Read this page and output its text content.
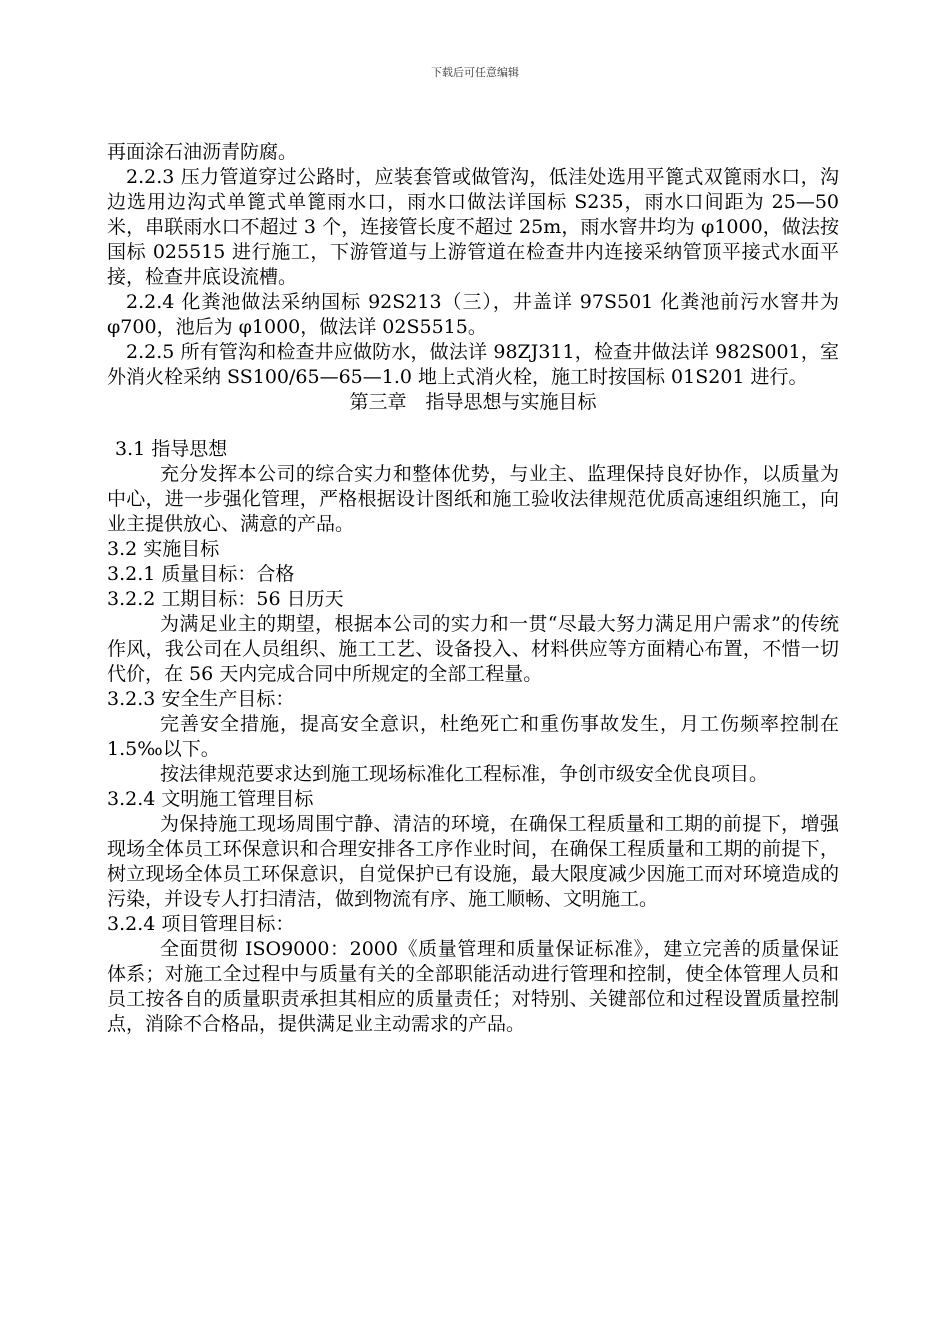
下载后可任意编辑

再面涂石油沥青防腐。

2.2.3 压力管道穿过公路时，应装套管或做管沟，低洼处选用平篦式双篦雨水口，沟边选用边沟式单篦式单篦雨水口，雨水口做法详国标 S235，雨水口间距为 25—50 米，串联雨水口不超过 3 个，连接管长度不超过 25m，雨水窨井均为 φ1000，做法按国标 025515 进行施工，下游管道与上游管道在检查井内连接采纳管顶平接式水面平接，检查井底设流槽。

2.2.4 化粪池做法采纳国标 92S213（三），井盖详 97S501 化粪池前污水窨井为 φ700，池后为 φ1000，做法详 02S5515。

2.2.5 所有管沟和检查井应做防水，做法详 98ZJ311，检查井做法详 982S001，室外消火栓采纳 SS100/65—65—1.0 地上式消火栓，施工时按国标 01S201 进行。

第三章　指导思想与实施目标

3.1 指导思想

充分发挥本公司的综合实力和整体优势，与业主、监理保持良好协作，以质量为中心，进一步强化管理，严格根据设计图纸和施工验收法律规范优质高速组织施工，向业主提供放心、满意的产品。

3.2 实施目标

3.2.1 质量目标：合格

3.2.2 工期目标：56 日历天

为满足业主的期望，根据本公司的实力和一贯“尽最大努力满足用户需求”的传统作风，我公司在人员组织、施工工艺、设备投入、材料供应等方面精心布置，不惜一切代价，在 56 天内完成合同中所规定的全部工程量。

3.2.3 安全生产目标：

完善安全措施，提高安全意识，杜绝死亡和重伤事故发生，月工伤频率控制在 1.5‰以下。

按法律规范要求达到施工现场标准化工程标准，争创市级安全优良项目。

3.2.4 文明施工管理目标

为保持施工现场周围宁静、清洁的环境，在确保工程质量和工期的前提下，增强现场全体员工环保意识和合理安排各工序作业时间，在确保工程质量和工期的前提下，树立现场全体员工环保意识，自觉保护已有设施，最大限度减少因施工而对环境造成的污染，并设专人打扫清洁，做到物流有序、施工顺畅、文明施工。

3.2.4 项目管理目标：

全面贯彻 ISO9000：2000《质量管理和质量保证标准》，建立完善的质量保证体系；对施工全过程中与质量有关的全部职能活动进行管理和控制，使全体管理人员和员工按各自的质量职责承担其相应的质量责任；对特别、关键部位和过程设置质量控制点，消除不合格品，提供满足业主动需求的产品。
